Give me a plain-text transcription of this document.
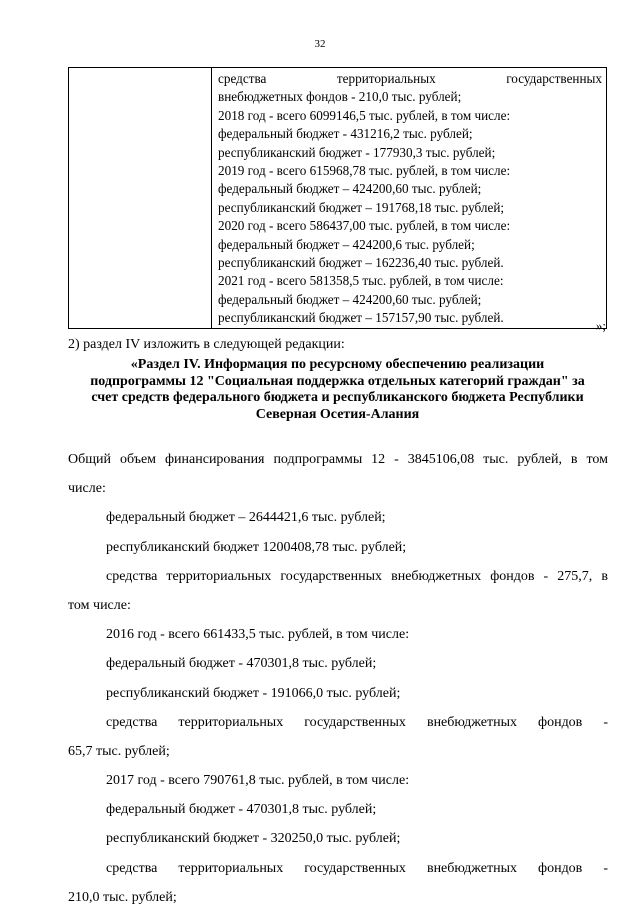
32

средства	территориальных	государственных
внебюджетных фондов - 210,0 тыс. рублей;
2018 год - всего 6099146,5 тыс. рублей, в том числе:
федеральный бюджет - 431216,2 тыс. рублей;
республиканский бюджет - 177930,3 тыс. рублей;
2019 год - всего 615968,78 тыс. рублей, в том числе:
федеральный бюджет – 424200,60 тыс. рублей;
республиканский бюджет – 191768,18 тыс. рублей;
2020 год - всего 586437,00 тыс. рублей, в том числе:
федеральный бюджет – 424200,6 тыс. рублей;
республиканский бюджет – 162236,40 тыс. рублей.
2021 год - всего 581358,5 тыс. рублей, в том числе:
федеральный бюджет – 424200,60 тыс. рублей;
республиканский бюджет – 157157,90 тыс. рублей.
»;
2) раздел IV изложить в следующей редакции:
«Раздел IV. Информация по ресурсному обеспечению реализации
подпрограммы 12 "Социальная поддержка отдельных категорий граждан" за
счет средств федерального бюджета и республиканского бюджета Республики
Северная Осетия-Алания
Общий объем финансирования подпрограммы 12 - 3845106,08 тыс. рублей, в том
числе:
федеральный бюджет – 2644421,6 тыс. рублей;
республиканский бюджет 1200408,78 тыс. рублей;
средства территориальных государственных внебюджетных фондов - 275,7, в
том числе:
2016 год - всего 661433,5 тыс. рублей, в том числе:
федеральный бюджет - 470301,8 тыс. рублей;
республиканский бюджет - 191066,0 тыс. рублей;
средства территориальных государственных внебюджетных фондов -
65,7 тыс. рублей;
2017 год - всего 790761,8 тыс. рублей, в том числе:
федеральный бюджет - 470301,8 тыс. рублей;
республиканский бюджет - 320250,0 тыс. рублей;
средства территориальных государственных внебюджетных фондов -
210,0 тыс. рублей;
